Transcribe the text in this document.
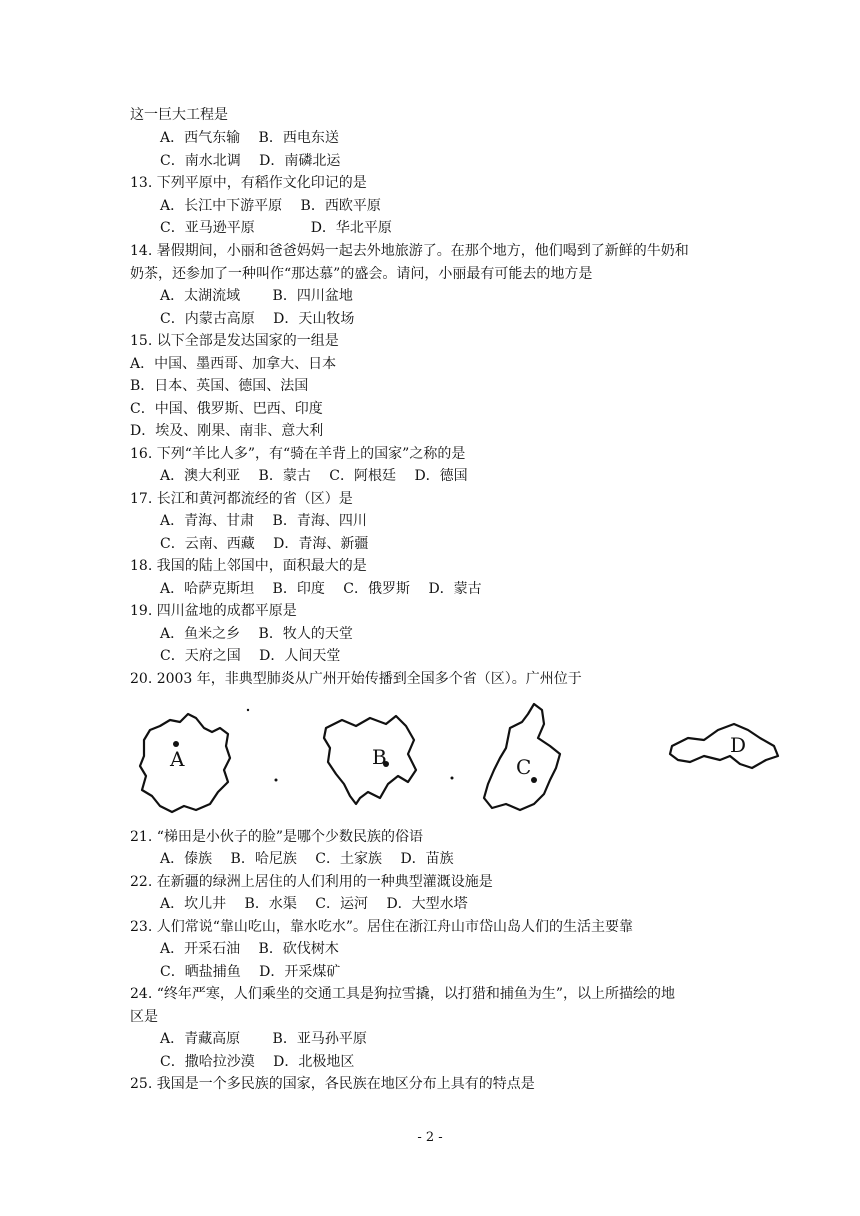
这一巨大工程是
A．西气东输　 B．西电东送
C．南水北调　 D．南磷北运
13. 下列平原中，有稻作文化印记的是
A．长江中下游平原　 B．西欧平原
C．亚马逊平原　　　　D．华北平原
14. 暑假期间，小丽和爸爸妈妈一起去外地旅游了。在那个地方，他们喝到了新鲜的牛奶和
奶茶，还参加了一种叫作“那达慕”的盛会。请问，小丽最有可能去的地方是
A．太湖流域　　 B．四川盆地
C．内蒙古高原　 D．天山牧场
15. 以下全部是发达国家的一组是
A．中国、墨西哥、加拿大、日本
B．日本、英国、德国、法国
C．中国、俄罗斯、巴西、印度
D．埃及、刚果、南非、意大利
16. 下列“羊比人多”，有“骑在羊背上的国家”之称的是
A．澳大利亚　 B．蒙古　 C．阿根廷　 D．德国
17. 长江和黄河都流经的省（区）是
A．青海、甘肃　 B．青海、四川
C．云南、西藏　 D．青海、新疆
18. 我国的陆上邻国中，面积最大的是
A．哈萨克斯坦　 B．印度　 C．俄罗斯　 D．蒙古
19. 四川盆地的成都平原是
A．鱼米之乡　 B．牧人的天堂
C．天府之国　 D．人间天堂
20. 2003 年，非典型肺炎从广州开始传播到全国多个省（区）。广州位于
A	B	C
D
21. “梯田是小伙子的脸”是哪个少数民族的俗语
A．傣族　 B．哈尼族　 C．土家族　 D．苗族
22. 在新疆的绿洲上居住的人们利用的一种典型灌溉设施是
A．坎儿井　 B．水渠　 C．运河　 D．大型水塔
23. 人们常说“靠山吃山，靠水吃水”。居住在浙江舟山市岱山岛人们的生活主要靠
A．开采石油　 B．砍伐树木
C．晒盐捕鱼　 D．开采煤矿
24. “终年严寒，人们乘坐的交通工具是狗拉雪撬，以打猎和捕鱼为生”，以上所描绘的地
区是
A．青藏高原　　 B．亚马孙平原
C．撒哈拉沙漠　 D．北极地区
25. 我国是一个多民族的国家，各民族在地区分布上具有的特点是
- 2 -
